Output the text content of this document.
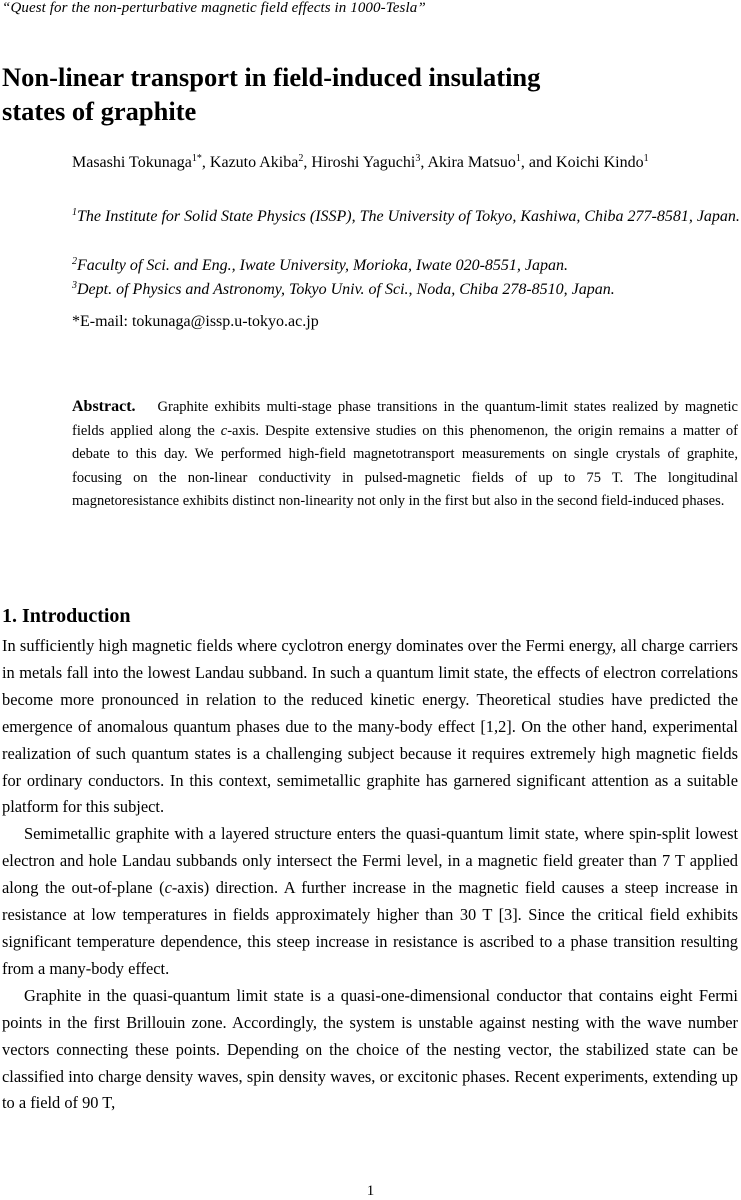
“Quest for the non-perturbative magnetic field effects in 1000-Tesla”
Non-linear transport in field-induced insulating
states of graphite
Masashi Tokunaga$^{1*}$, Kazuto Akiba$^2$, Hiroshi Yaguchi$^3$, Akira Matsuo$^1$, and Koichi Kindo$^1$
$^1$The Institute for Solid State Physics (ISSP), The University of Tokyo, Kashiwa, Chiba 277-8581, Japan.
$^2$Faculty of Sci. and Eng., Iwate University, Morioka, Iwate 020-8551, Japan.
$^3$Dept. of Physics and Astronomy, Tokyo Univ. of Sci., Noda, Chiba 278-8510, Japan.
*E-mail: tokunaga@issp.u-tokyo.ac.jp
Abstract. Graphite exhibits multi-stage phase transitions in the quantum-limit states realized by magnetic fields applied along the c-axis. Despite extensive studies on this phenomenon, the origin remains a matter of debate to this day. We performed high-field magnetotransport measurements on single crystals of graphite, focusing on the non-linear conductivity in pulsed-magnetic fields of up to 75 T. The longitudinal magnetoresistance exhibits distinct non-linearity not only in the first but also in the second field-induced phases.
1. Introduction

In sufficiently high magnetic fields where cyclotron energy dominates over the Fermi energy, all charge carriers in metals fall into the lowest Landau subband. In such a quantum limit state, the effects of electron correlations become more pronounced in relation to the reduced kinetic energy. Theoretical studies have predicted the emergence of anomalous quantum phases due to the many-body effect [1,2]. On the other hand, experimental realization of such quantum states is a challenging subject because it requires extremely high magnetic fields for ordinary conductors. In this context, semimetallic graphite has garnered significant attention as a suitable platform for this subject.

Semimetallic graphite with a layered structure enters the quasi-quantum limit state, where spin-split lowest electron and hole Landau subbands only intersect the Fermi level, in a magnetic field greater than 7 T applied along the out-of-plane (c-axis) direction. A further increase in the magnetic field causes a steep increase in resistance at low temperatures in fields approximately higher than 30 T [3]. Since the critical field exhibits significant temperature dependence, this steep increase in resistance is ascribed to a phase transition resulting from a many-body effect.

Graphite in the quasi-quantum limit state is a quasi-one-dimensional conductor that contains eight Fermi points in the first Brillouin zone. Accordingly, the system is unstable against nesting with the wave number vectors connecting these points. Depending on the choice of the nesting vector, the stabilized state can be classified into charge density waves, spin density waves, or excitonic phases. Recent experiments, extending up to a field of 90 T,

1
